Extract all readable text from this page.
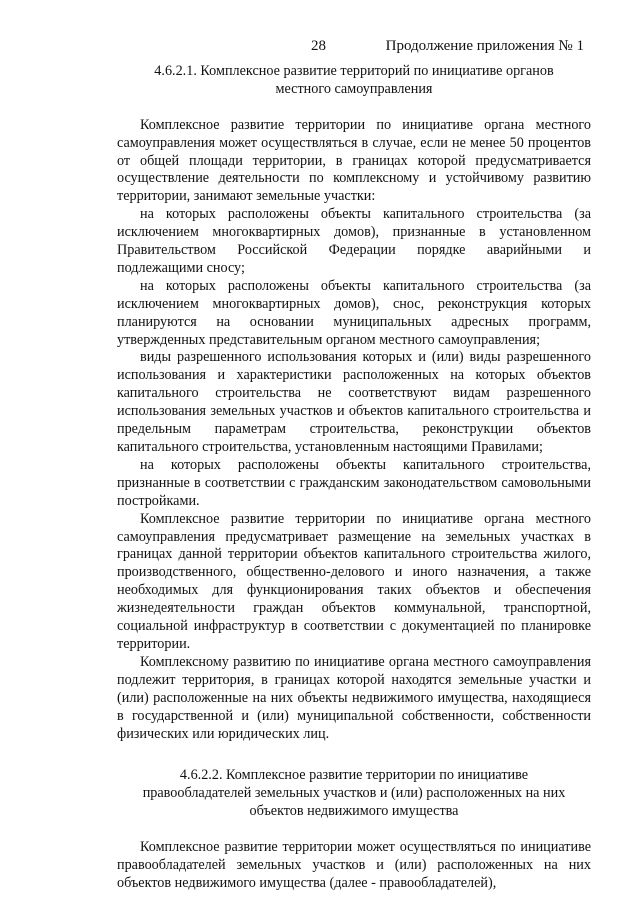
28	Продолжение приложения № 1
4.6.2.1. Комплексное развитие территорий по инициативе органов
местного самоуправления

Комплексное развитие территории по инициативе органа местного самоуправления может осуществляться в случае, если не менее 50 процентов от общей площади территории, в границах которой предусматривается осуществление деятельности по комплексному и устойчивому развитию территории, занимают земельные участки:

на которых расположены объекты капитального строительства (за исключением многоквартирных домов), признанные в установленном Правительством Российской Федерации порядке аварийными и подлежащими сносу;

на которых расположены объекты капитального строительства (за исключением многоквартирных домов), снос, реконструкция которых планируются на основании муниципальных адресных программ, утвержденных представительным органом местного самоуправления;

виды разрешенного использования которых и (или) виды разрешенного использования и характеристики расположенных на которых объектов капитального строительства не соответствуют видам разрешенного использования земельных участков и объектов капитального строительства и предельным параметрам строительства, реконструкции объектов капитального строительства, установленным настоящими Правилами;

на которых расположены объекты капитального строительства, признанные в соответствии с гражданским законодательством самовольными постройками.

Комплексное развитие территории по инициативе органа местного самоуправления предусматривает размещение на земельных участках в границах данной территории объектов капитального строительства жилого, производственного, общественно-делового и иного назначения, а также необходимых для функционирования таких объектов и обеспечения жизнедеятельности граждан объектов коммунальной, транспортной, социальной инфраструктур в соответствии с документацией по планировке территории.

Комплексному развитию по инициативе органа местного самоуправления подлежит территория, в границах которой находятся земельные участки и (или) расположенные на них объекты недвижимого имущества, находящиеся в государственной и (или) муниципальной собственности, собственности физических или юридических лиц.

4.6.2.2. Комплексное развитие территории по инициативе
правообладателей земельных участков и (или) расположенных на них
объектов недвижимого имущества

Комплексное развитие территории может осуществляться по инициативе правообладателей земельных участков и (или) расположенных на них объектов недвижимого имущества (далее - правообладателей),
